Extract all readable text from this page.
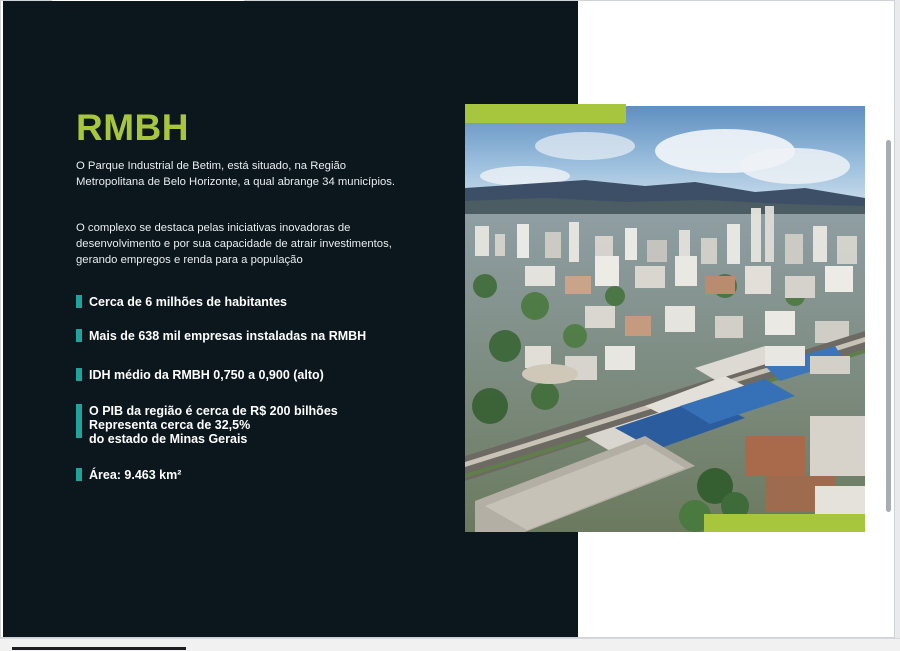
RMBH

O Parque Industrial de Betim, está situado, na Região Metropolitana de Belo Horizonte, a qual abrange 34 municípios.

O complexo se destaca pelas iniciativas inovadoras de desenvolvimento e por sua capacidade de atrair investimentos, gerando empregos e renda para a população

Cerca de 6 milhões de habitantes

Mais de 638 mil empresas instaladas na RMBH

IDH médio da RMBH 0,750 a 0,900 (alto)

O PIB da região é cerca de R$ 200 bilhões

Representa cerca de 32,5%

do estado de Minas Gerais

Área: 9.463 km²
